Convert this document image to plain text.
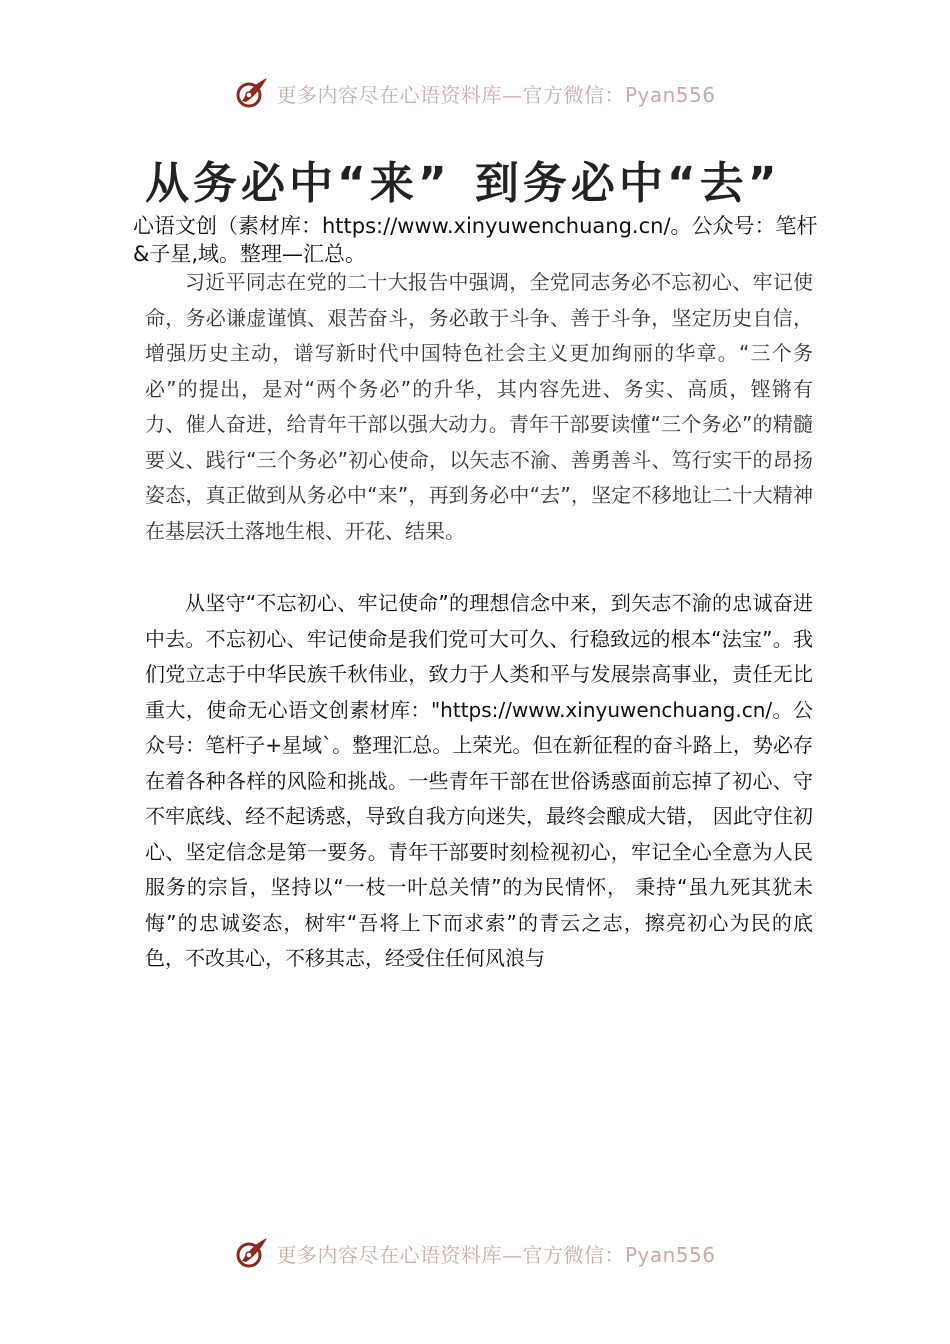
更多内容尽在心语资料库—官方微信：Pyan556
从务必中“来” 到务必中“去”

心语文创（素材库：https://www.xinyuwenchuang.cn/。公众号：笔杆&子星,域。整理—汇总。

习近平同志在党的二十大报告中强调，全党同志务必不忘初心、牢记使命，务必谦虚谨慎、艰苦奋斗，务必敢于斗争、善于斗争，坚定历史自信，增强历史主动，谱写新时代中国特色社会主义更加绚丽的华章。“三个务必”的提出，是对“两个务必”的升华，其内容先进、务实、高质，铿锵有力、催人奋进，给青年干部以强大动力。青年干部要读懂“三个务必”的精髓要义、践行“三个务必”初心使命，以矢志不渝、善勇善斗、笃行实干的昂扬姿态，真正做到从务必中“来”，再到务必中“去”，坚定不移地让二十大精神在基层沃土落地生根、开花、结果。

从坚守“不忘初心、牢记使命”的理想信念中来，到矢志不渝的忠诚奋进中去。不忘初心、牢记使命是我们党可大可久、行稳致远的根本“法宝”。我们党立志于中华民族千秋伟业，致力于人类和平与发展崇高事业，责任无比重大，使命无心语文创素材库："https://www.xinyuwenchuang.cn/。公众号：笔杆子+星域`。整理汇总。上荣光。但在新征程的奋斗路上，势必存在着各种各样的风险和挑战。一些青年干部在世俗诱惑面前忘掉了初心、守不牢底线、经不起诱惑，导致自我方向迷失，最终会酿成大错， 因此守住初心、坚定信念是第一要务。青年干部要时刻检视初心，牢记全心全意为人民服务的宗旨，坚持以“一枝一叶总关情”的为民情怀， 秉持“虽九死其犹未悔”的忠诚姿态，树牢“吾将上下而求索”的青云之志，擦亮初心为民的底色，不改其心，不移其志，经受住任何风浪与

更多内容尽在心语资料库—官方微信：Pyan556
